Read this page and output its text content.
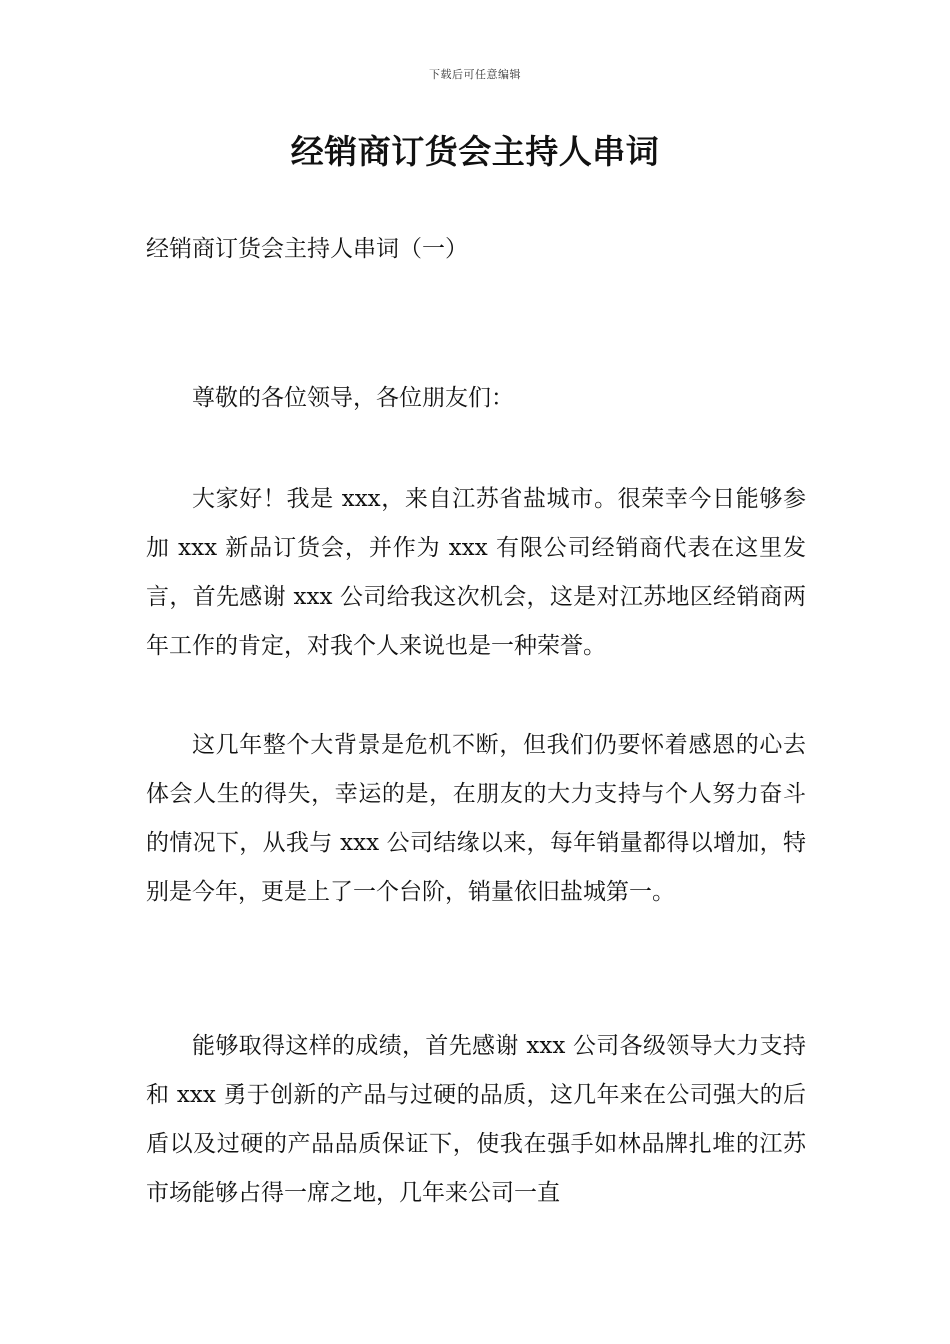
下载后可任意编辑
经销商订货会主持人串词
经销商订货会主持人串词（一）

尊敬的各位领导，各位朋友们：

大家好！我是 xxx，来自江苏省盐城市。很荣幸今日能够参加 xxx 新品订货会，并作为 xxx 有限公司经销商代表在这里发言，首先感谢 xxx 公司给我这次机会，这是对江苏地区经销商两年工作的肯定，对我个人来说也是一种荣誉。

这几年整个大背景是危机不断，但我们仍要怀着感恩的心去体会人生的得失，幸运的是，在朋友的大力支持与个人努力奋斗的情况下，从我与 xxx 公司结缘以来，每年销量都得以增加，特别是今年，更是上了一个台阶，销量依旧盐城第一。

能够取得这样的成绩，首先感谢 xxx 公司各级领导大力支持和 xxx 勇于创新的产品与过硬的品质，这几年来在公司强大的后盾以及过硬的产品品质保证下，使我在强手如林品牌扎堆的江苏市场能够占得一席之地，几年来公司一直
